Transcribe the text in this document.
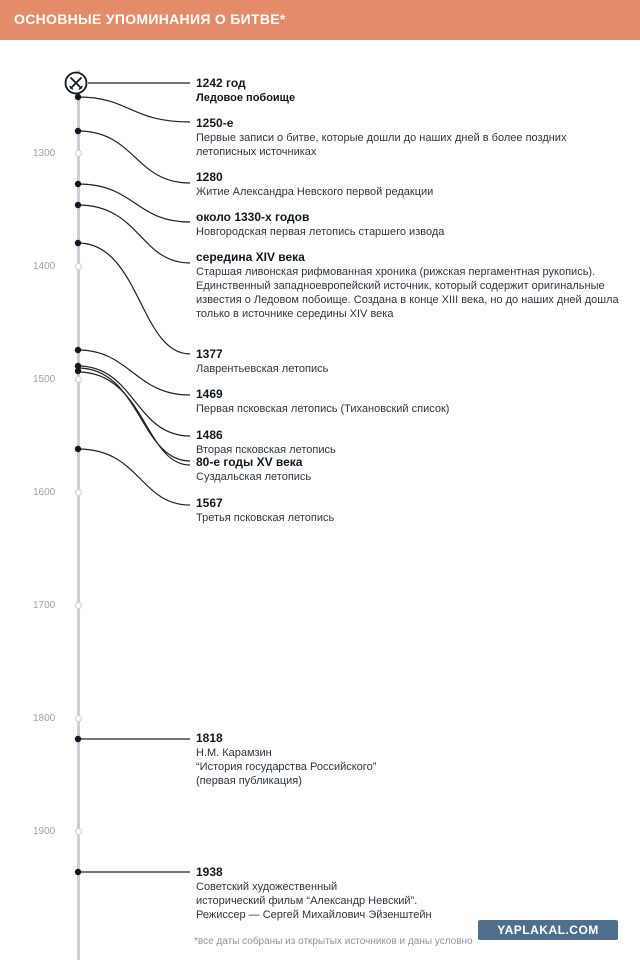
ОСНОВНЫЕ УПОМИНАНИЯ О БИТВЕ*
1300
1400
1500
1600
1700
1800
1900
1242 год
Ледовое побоище
1250-е
Первые записи о битве, которые дошли до наших дней в более поздних летописных источниках
1280
Житие Александра Невского первой редакции
около 1330-х годов
Новгородская первая летопись старшего извода
середина XIV века
Старшая ливонская рифмованная хроника (рижская пергаментная рукопись). Единственный западноевропейский источник, который содержит оригинальные известия о Ледовом побоище. Создана в конце XIII века, но до наших дней дошла только в источнике середины XIV века
1377
Лаврентьевская летопись
1469
Первая псковская летопись (Тихановский список)
1486
Вторая псковская летопись
80-е годы XV века
Суздальская летопись
1567
Третья псковская летопись
1818
Н.М. Карамзин
“История государства Российского”
(первая публикация)
1938
Советский художественный
исторический фильм “Александр Невский”.
Режиссер — Сергей Михайлович Эйзенштейн
YAPLAKAL.COM
*все даты собраны из открытых источников и даны условно
